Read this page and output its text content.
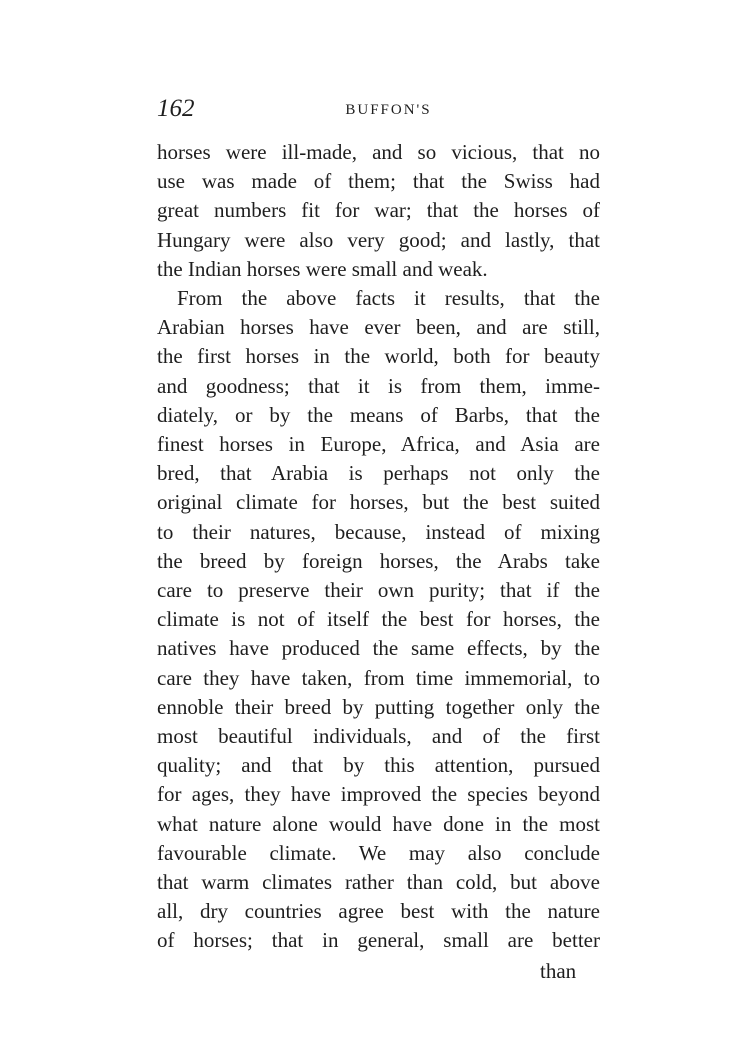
162	BUFFON'S
horses were ill-made, and so vicious, that no
use was made of them; that the Swiss had
great numbers fit for war; that the horses of
Hungary were also very good; and lastly, that
the Indian horses were small and weak.
From the above facts it results, that the
Arabian horses have ever been, and are still,
the first horses in the world, both for beauty
and goodness; that it is from them, imme-
diately, or by the means of Barbs, that the
finest horses in Europe, Africa, and Asia are
bred, that Arabia is perhaps not only the
original climate for horses, but the best suited
to their natures, because, instead of mixing
the breed by foreign horses, the Arabs take
care to preserve their own purity; that if the
climate is not of itself the best for horses, the
natives have produced the same effects, by the
care they have taken, from time immemorial, to
ennoble their breed by putting together only the
most beautiful individuals, and of the first
quality; and that by this attention, pursued
for ages, they have improved the species beyond
what nature alone would have done in the most
favourable climate. We may also conclude
that warm climates rather than cold, but above
all, dry countries agree best with the nature
of horses; that in general, small are better
than
